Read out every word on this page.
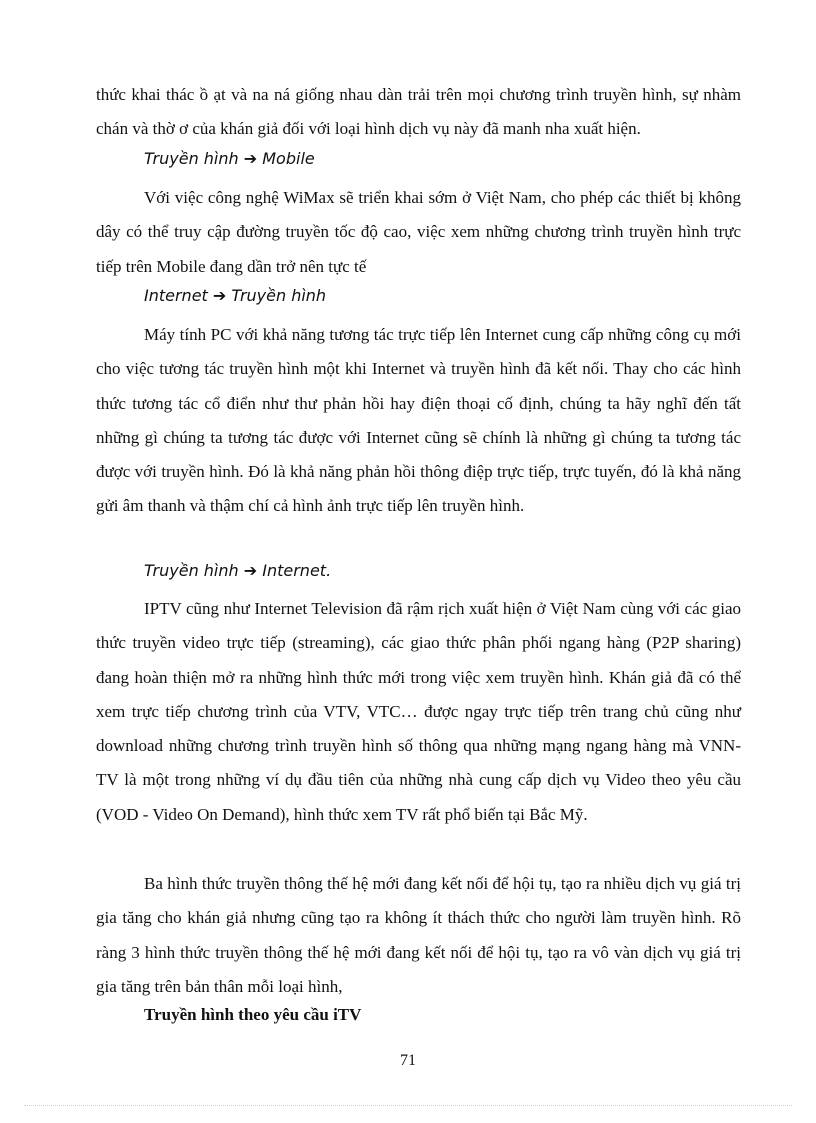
thức khai thác ồ ạt và na ná giống nhau dàn trải trên mọi chương trình truyền hình, sự nhàm chán và thờ ơ của khán giả đối với loại hình dịch vụ này đã manh nha xuất hiện.

Truyền hình ➔ Mobile

Với việc công nghệ WiMax sẽ triển khai sớm ở Việt Nam, cho phép các thiết bị không dây có thể truy cập đường truyền tốc độ cao, việc xem những chương trình truyền hình trực tiếp trên Mobile đang dần trở nên tực tế

Internet ➔ Truyền hình

Máy tính PC với khả năng tương tác trực tiếp lên Internet cung cấp những công cụ mới cho việc tương tác truyền hình một khi Internet và truyền hình đã kết nối. Thay cho các hình thức tương tác cổ điển như thư phản hồi hay điện thoại cố định, chúng ta hãy nghĩ đến tất những gì chúng ta tương tác được với Internet cũng sẽ chính là những gì chúng ta tương tác được với truyền hình. Đó là khả năng phản hồi thông điệp trực tiếp, trực tuyến, đó là khả năng gửi âm thanh và thậm chí cả hình ảnh trực tiếp lên truyền hình.

Truyền hình ➔ Internet.

IPTV cũng như Internet Television đã rậm rịch xuất hiện ở Việt Nam cùng với các giao thức truyền video trực tiếp (streaming), các giao thức phân phối ngang hàng (P2P sharing) đang hoàn thiện mở ra những hình thức mới trong việc xem truyền hình. Khán giả đã có thể xem trực tiếp chương trình của VTV, VTC… được ngay trực tiếp trên trang chủ cũng như download những chương trình truyền hình số thông qua những mạng ngang hàng mà VNN-TV là một trong những ví dụ đầu tiên của những nhà cung cấp dịch vụ Video theo yêu cầu (VOD - Video On Demand), hình thức xem TV rất phổ biến tại Bắc Mỹ.

Ba hình thức truyền thông thế hệ mới đang kết nối để hội tụ, tạo ra nhiều dịch vụ giá trị gia tăng cho khán giả nhưng cũng tạo ra không ít thách thức cho người làm truyền hình. Rõ ràng 3 hình thức truyền thông thế hệ mới đang kết nối để hội tụ, tạo ra vô vàn dịch vụ giá trị gia tăng trên bản thân mỗi loại hình,

Truyền hình theo yêu cầu iTV
71
